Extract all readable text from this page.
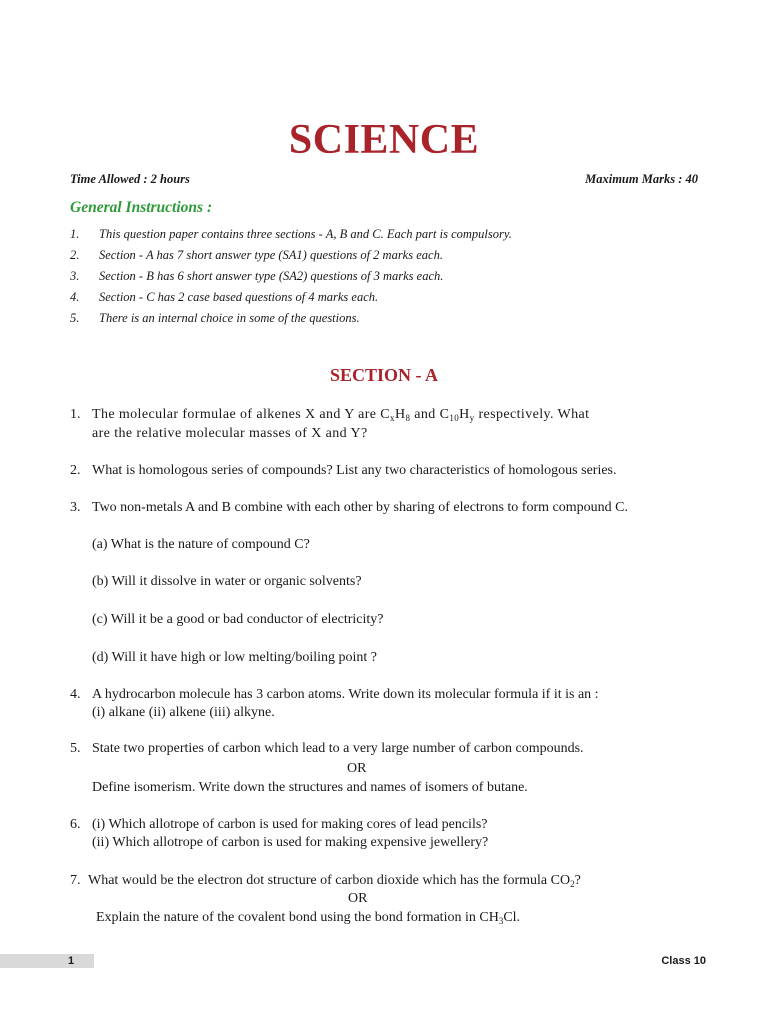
SCIENCE
Time Allowed : 2 hours	Maximum Marks : 40
General Instructions :
1.	This question paper contains three sections - A, B and C. Each part is compulsory.
2.	Section - A has 7 short answer type (SA1) questions of 2 marks each.
3.	Section - B has 6 short answer type (SA2) questions of 3 marks each.
4.	Section - C has 2 case based questions of 4 marks each.
5.	There is an internal choice in some of the questions.
SECTION - A
1. The molecular formulae of alkenes X and Y are $C_xH_8$ and $C_{10}H_y$ respectively. What
are the relative molecular masses of X and Y?
2. What is homologous series of compounds? List any two characteristics of homologous series.
3. Two non-metals A and B combine with each other by sharing of electrons to form compound C.
(a) What is the nature of compound C?
(b) Will it dissolve in water or organic solvents?
(c) Will it be a good or bad conductor of electricity?
(d) Will it have high or low melting/boiling point ?
4. A hydrocarbon molecule has 3 carbon atoms. Write down its molecular formula if it is an :
(i) alkane (ii) alkene (iii) alkyne.
5. State two properties of carbon which lead to a very large number of carbon compounds.
OR
Define isomerism. Write down the structures and names of isomers of butane.
6. (i) Which allotrope of carbon is used for making cores of lead pencils?
(ii) Which allotrope of carbon is used for making expensive jewellery?
7. What would be the electron dot structure of carbon dioxide which has the formula $CO_2$?
OR
Explain the nature of the covalent bond using the bond formation in $CH_3Cl$.
1	Class 10
